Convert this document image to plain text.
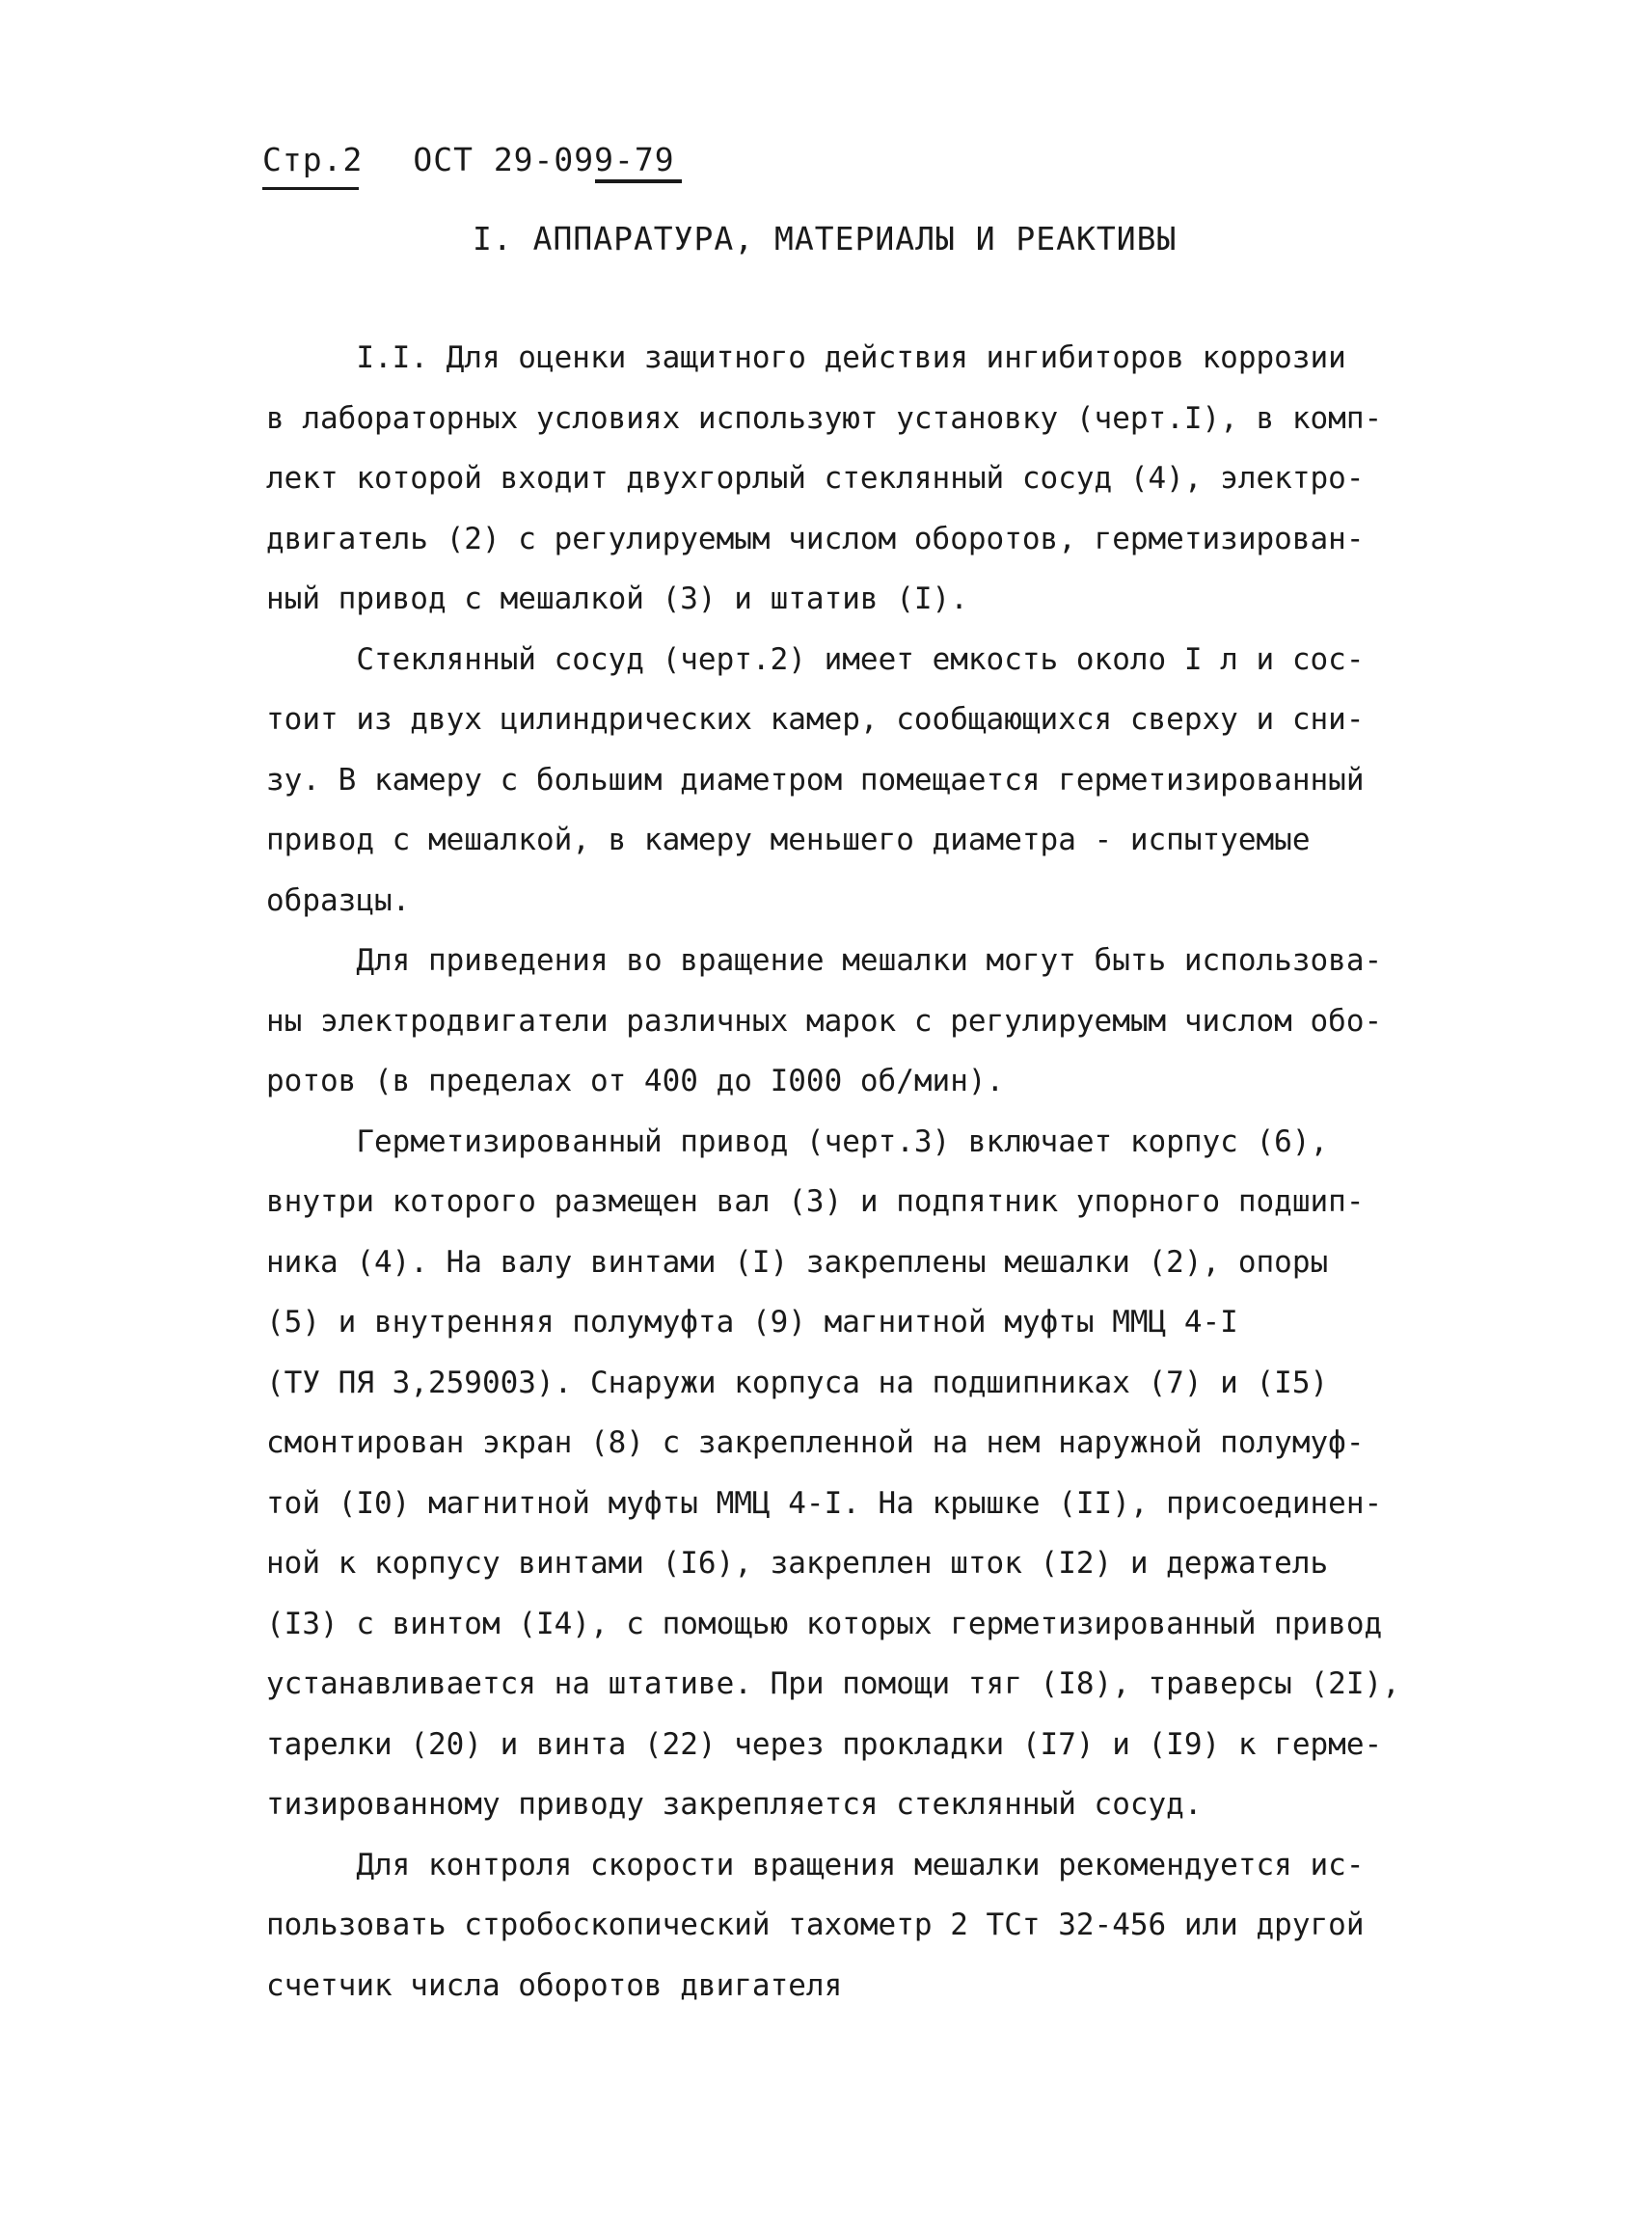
Стр.2 ОСТ 29-099-79
I. АППАРАТУРА, МАТЕРИАЛЫ И РЕАКТИВЫ

I.I. Для оценки защитного действия ингибиторов коррозии

в лабораторных условиях используют установку (черт.I), в комп-

лект которой входит двухгорлый стеклянный сосуд (4), электро-

двигатель (2) с регулируемым числом оборотов, герметизирован-

ный привод с мешалкой (3) и штатив (I).

Стеклянный сосуд (черт.2) имеет емкость около I л и сос-

тоит из двух цилиндрических камер, сообщающихся сверху и сни-

зу. В камеру с большим диаметром помещается герметизированный

привод с мешалкой, в камеру меньшего диаметра - испытуемые

образцы.

Для приведения во вращение мешалки могут быть использова-

ны электродвигатели различных марок с регулируемым числом обо-

ротов (в пределах от 400 до I000 об/мин).

Герметизированный привод (черт.3) включает корпус (6),

внутри которого размещен вал (3) и подпятник упорного подшип-

ника (4). На валу винтами (I) закреплены мешалки (2), опоры

(5) и внутренняя полумуфта (9) магнитной муфты ММЦ 4-I

(ТУ ПЯ 3,259003). Снаружи корпуса на подшипниках (7) и (I5)

смонтирован экран (8) с закрепленной на нем наружной полумуф-

той (I0) магнитной муфты ММЦ 4-I. На крышке (II), присоединен-

ной к корпусу винтами (I6), закреплен шток (I2) и держатель

(I3) с винтом (I4), с помощью которых герметизированный привод

устанавливается на штативе. При помощи тяг (I8), траверсы (2I),

тарелки (20) и винта (22) через прокладки (I7) и (I9) к герме-

тизированному приводу закрепляется стеклянный сосуд.

Для контроля скорости вращения мешалки рекомендуется ис-

пользовать стробоскопический тахометр 2 ТСт 32-456 или другой

счетчик числа оборотов двигателя
